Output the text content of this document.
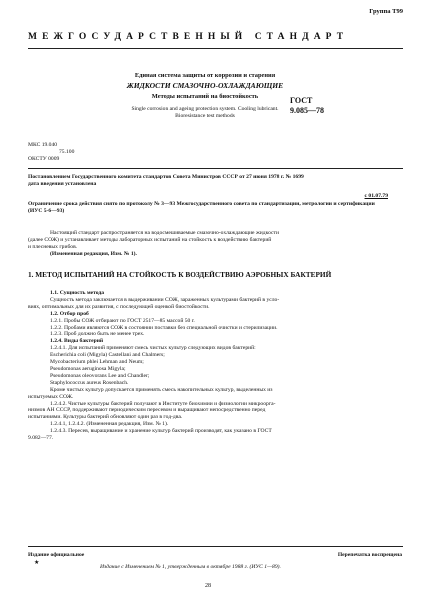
Группа Т99
МЕЖГОСУДАРСТВЕННЫЙ СТАНДАРТ
Единая система защиты от коррозии и старения
ЖИДКОСТИ СМАЗОЧНО-ОХЛАЖДАЮЩИЕ
Методы испытаний на биостойкость
Single corrosion and ageing protection system. Cooling lubricant.
Bioresistance test methods
ГОСТ
9.085—78
МКС 19.040
75.100
ОКСТУ 0009
Постановлением Государственного комитета стандартов Совета Министров СССР от 27 июня 1978 г. № 1699
дата введения установлена
с 01.07.79
Ограничение срока действия снято по протоколу № 3—93 Межгосударственного совета по стандартизации, метрологии и сертификации (ИУС 5-6—93)
Настоящий стандарт распространяется на водосмешиваемые смазочно-охлаждающие жидкости
(далее СОЖ) и устанавливает методы лабораторных испытаний на стойкость к воздействию бактерий
и плесневых грибов.
(Измененная редакция, Изм. № 1).
1. МЕТОД ИСПЫТАНИЙ НА СТОЙКОСТЬ К ВОЗДЕЙСТВИЮ АЭРОБНЫХ БАКТЕРИЙ
1.1. Сущность метода
Сущность метода заключается в выдерживании СОЖ, зараженных культурами бактерий в усло-
виях, оптимальных для их развития, с последующей оценкой биостойкости.
1.2. Отбор проб
1.2.1. Пробы СОЖ отбирают по ГОСТ 2517—85 массой 50 г.
1.2.2. Пробами являются СОЖ в состоянии поставки без специальной очистки и стерилизации.
1.2.3. Проб должно быть не менее трех.
1.2.4. Виды бактерий
1.2.4.1. Для испытаний применяют смесь чистых культур следующих видов бактерий:
Escherichia coli (Migyla) Castellani and Chalmers;
Mycobacterium phlei Lehman and Neum;
Pseudomonas aeruginosa Migyla;
Pseudomonas oleovorans Lee and Chandler;
Staphylococcus aureus Rosenbach.
Кроме чистых культур допускается применять смесь накопительных культур, выделенных из
испытуемых СОЖ.
1.2.4.2. Чистые культуры бактерий получают в Институте биохимии и физиологии микроорга-
низмов АН СССР, поддерживают периодическим пересевом и выращивают непосредственно перед
испытаниями. Культуры бактерий обновляют один раз в год-два.
1.2.4.1, 1.2.4.2. (Измененная редакция, Изм. № 1).
1.2.4.3. Пересев, выращивание и хранение культур бактерий производят, как указано в ГОСТ
9.082—77.
Издание официальное	Перепечатка воспрещена
★
Издание с Изменением № 1, утвержденным в октябре 1988 г. (ИУС 1—89).
28
